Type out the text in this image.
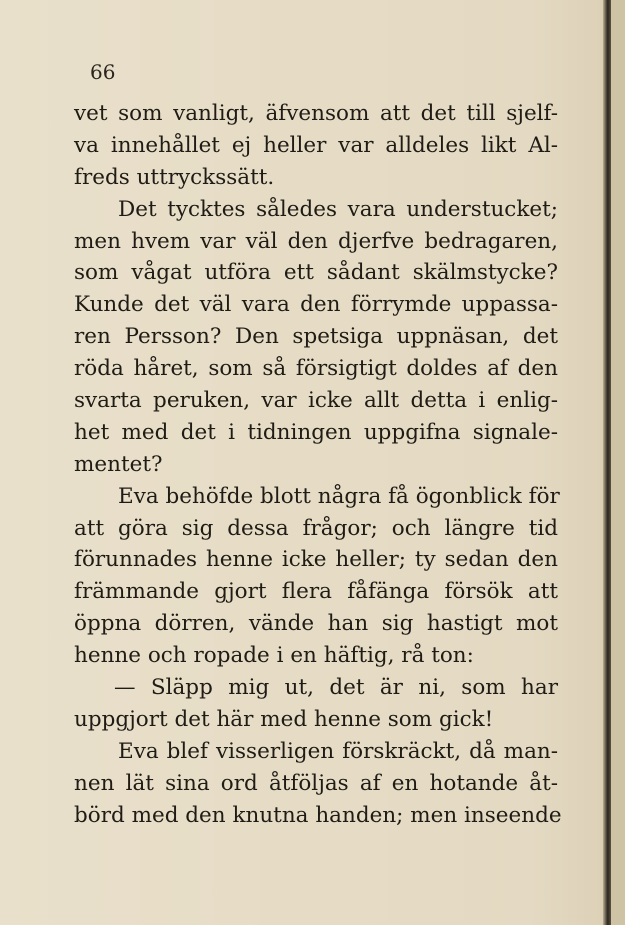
66
vet som vanligt, äfvensom att det till sjelf-
va innehållet ej heller var alldeles likt Al-
freds uttryckssätt.
Det tycktes således vara understucket;
men hvem var väl den djerfve bedragaren,
som vågat utföra ett sådant skälmstycke?
Kunde det väl vara den förrymde uppassa-
ren Persson? Den spetsiga uppnäsan, det
röda håret, som så försigtigt doldes af den
svarta peruken, var icke allt detta i enlig-
het med det i tidningen uppgifna signale-
mentet?
Eva behöfde blott några få ögonblick för
att göra sig dessa frågor; och längre tid
förunnades henne icke heller; ty sedan den
främmande gjort flera fåfänga försök att
öppna dörren, vände han sig hastigt mot
henne och ropade i en häftig, rå ton:
— Släpp mig ut, det är ni, som har
uppgjort det här med henne som gick!
Eva blef visserligen förskräckt, då man-
nen lät sina ord åtföljas af en hotande åt-
börd med den knutna handen; men inseende
